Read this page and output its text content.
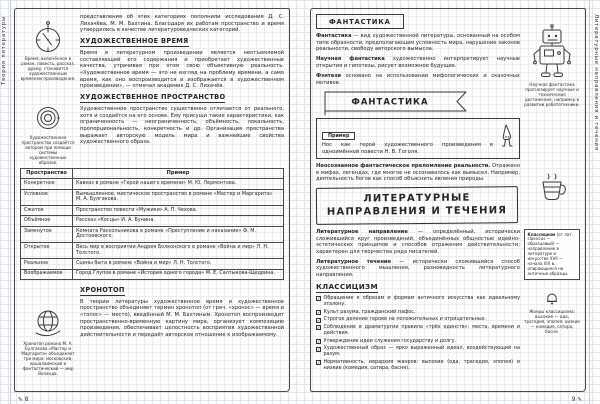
Теория литературы	Литературные направления и течения
Время, включённое в роман, повесть, рассказ, драму, становится художественным временем произведения.
Художественное пространство создаётся автором при помощи системы художественных образов.

представления об этих категориях пополнили исследования Д. С. Лихачёва, М. М. Бахтина. Благодаря их работам пространство и время утвердились в качестве литературоведческих категорий.

ХУДОЖЕСТВЕННОЕ ВРЕМЯ

Время в литературном произведении является неотъемлемой составляющей его содержания и приобретает художественные качества, утрачивая при этом свою объективную реальность. «Художественное время — это не взгляд на проблему времени, а само время, как оно воспроизводится и изображается в художественном произведении», — отмечал академик Д. С. Лихачёв.

ХУДОЖЕСТВЕННОЕ ПРОСТРАНСТВО

Художественное пространство существенно отличается от реального, хотя и создаётся на его основе. Ему присущи такие характеристики, как ограниченность — неограниченность, объёмность, локальность, пропорциональность, конкретность и др. Организация пространства выражает авторскую модель мира и важнейшие свойства художественного образа.

Пространство	Пример
Конкретное	Кавказ в романе «Герой нашего времени» М. Ю. Лермонтова.
Условное	Вымышленное, мистическое пространство в романе «Мастер и Маргарита» М. А. Булгакова.
Сжатое	Пространство повести «Мужики» А. П. Чехова.
Объёмное	Рассказ «Косцы» И. А. Бунина.
Замкнутое	Комната Раскольникова в романе «Преступление и наказание» Ф. М. Достоевского.
Открытое	Весь мир в восприятии Андрея Болконского в романе «Война и мир» Л. Н. Толстого.
Реальное	Сцены быта в романе «Война и мир» Л. Н. Толстого.
Воображаемое	Город Глупов в романе «История одного города» М. Е. Салтыкова-Щедрина.
Хронотоп романа М. А. Булгакова «Мастер и Маргарита» объединяет три мира: московский, ершалаимский и фантастический — мир Воланда.
ХРОНОТОП

В теории литературы художественное время и художественное пространство объединяет термин хронотоп (от греч. «хронос» — время и «топос» — место), введённый М. М. Бахтиным. Хронотоп воспроизводит пространственно-временную картину мира, организует композицию произведения, обеспечивает целостность восприятия художественной действительности и передаёт авторское отношение к изображаемому.

ФАНТАСТИКА

Фантастика — вид художественной литературы, основанный на особом типе образности, предполагающем условность мира, нарушение законов реальности, свободу авторского вымысла.

Научная фантастика художественно интерпретирует научные открытия и гипотезы, рисует возможное будущее.

Фэнтези основано на использовании мифологических и сказочных мотивов.

ФАНТАСТИКА
Пример
Нос как герой художественного произведения в одноимённой повести Н. В. Гоголя.

Неосознанное фантастическое преломление реальности. Отражено в мифах, легендах, где многое не осознавалось как вымысел. Например, деятельность богов как способ объяснить явления природы.

ЛИТЕРАТУРНЫЕ НАПРАВЛЕНИЯ И ТЕЧЕНИЯ

Литературное направление — определённый, исторически сложившийся круг произведений, объединённых общностью идейно-эстетических принципов и способов отражения действительности; характерен для творчества ряда писателей.

Литературное течение — исторически сложившийся способ художественного мышления, разновидность литературного направления.

КЛАССИЦИЗМ
✓ Обращение к образам и формам античного искусства как идеальному эталону.
✓ Культ разума, гражданский пафос.
✓ Строгое деление героев на положительных и отрицательных.
✓ Соблюдение в драматургии правила «трёх единств»: места, времени и действия.
✓ Утверждение идеи служения государству и долгу.
✓ Художественный образ — ярко выраженный идеал, воздействующий на разум.
✓ Нормативность, иерархия жанров: высокие (ода, трагедия, эпопея) и низкие (комедия, сатира, басня).
Научная фантастика прогнозирует научные и технические достижения, например в развитии робототехники.
Классицизм (от лат. classicus — образцовый) — направление в литературе и искусстве XVII — начала XIX в., опирающееся на античные образцы.
Жанры классицизма: высокие — ода, трагедия, эпопея; низкие — комедия, сатира, басня.
✎ 8	9 ✎
